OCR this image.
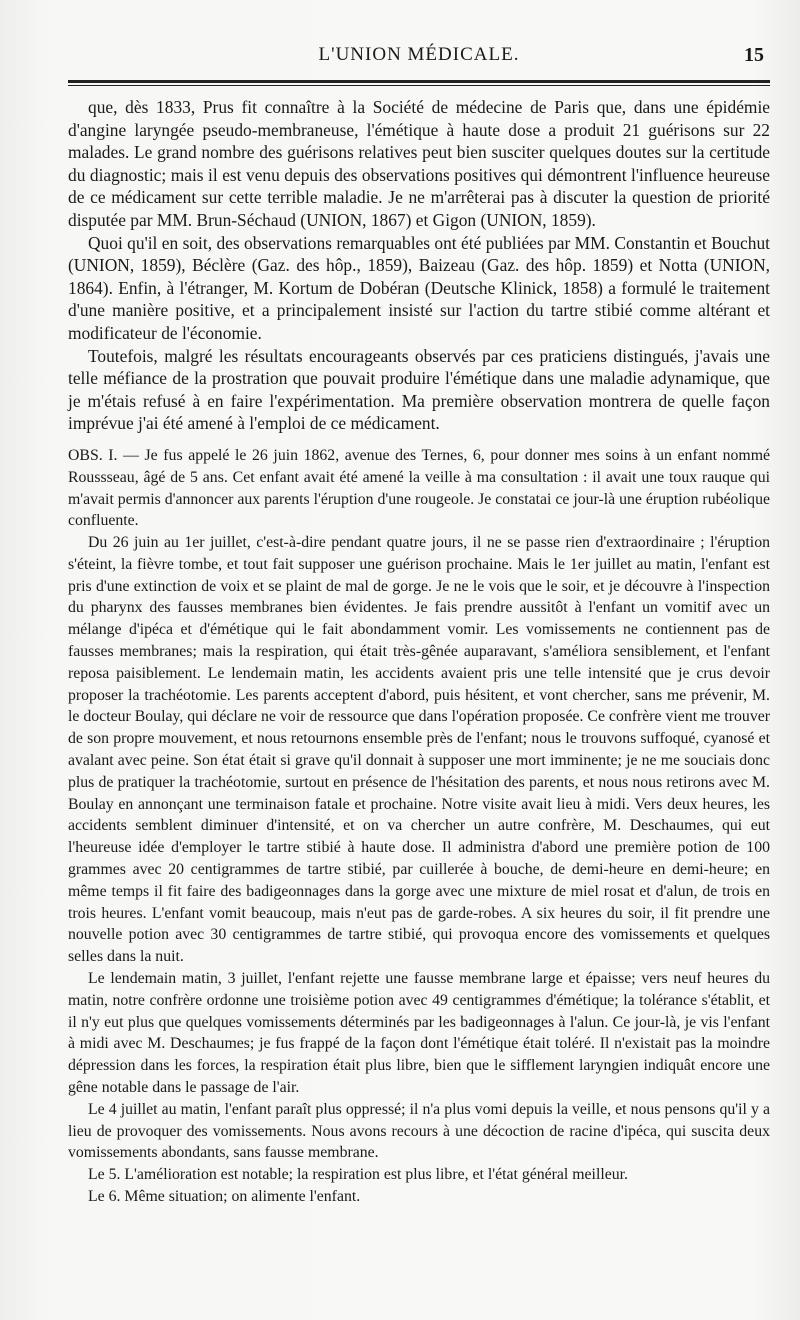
L'UNION MÉDICALE.	15

que, dès 1833, Prus fit connaître à la Société de médecine de Paris que, dans une épidémie d'angine laryngée pseudo-membraneuse, l'émétique à haute dose a produit 21 guérisons sur 22 malades. Le grand nombre des guérisons relatives peut bien susciter quelques doutes sur la certitude du diagnostic; mais il est venu depuis des observations positives qui démontrent l'influence heureuse de ce médicament sur cette terrible maladie. Je ne m'arrêterai pas à discuter la question de priorité disputée par MM. Brun-Séchaud (UNION, 1867) et Gigon (UNION, 1859).

Quoi qu'il en soit, des observations remarquables ont été publiées par MM. Constantin et Bouchut (UNION, 1859), Béclère (Gaz. des hôp., 1859), Baizeau (Gaz. des hôp. 1859) et Notta (UNION, 1864). Enfin, à l'étranger, M. Kortum de Dobéran (Deutsche Klinick, 1858) a formulé le traitement d'une manière positive, et a principalement insisté sur l'action du tartre stibié comme altérant et modificateur de l'économie.

Toutefois, malgré les résultats encourageants observés par ces praticiens distingués, j'avais une telle méfiance de la prostration que pouvait produire l'émétique dans une maladie adynamique, que je m'étais refusé à en faire l'expérimentation. Ma première observation montrera de quelle façon imprévue j'ai été amené à l'emploi de ce médicament.

OBS. I. — Je fus appelé le 26 juin 1862, avenue des Ternes, 6, pour donner mes soins à un enfant nommé Roussseau, âgé de 5 ans. Cet enfant avait été amené la veille à ma consultation : il avait une toux rauque qui m'avait permis d'annoncer aux parents l'éruption d'une rougeole. Je constatai ce jour-là une éruption rubéolique confluente.

Du 26 juin au 1er juillet, c'est-à-dire pendant quatre jours, il ne se passe rien d'extraordinaire ; l'éruption s'éteint, la fièvre tombe, et tout fait supposer une guérison prochaine. Mais le 1er juillet au matin, l'enfant est pris d'une extinction de voix et se plaint de mal de gorge. Je ne le vois que le soir, et je découvre à l'inspection du pharynx des fausses membranes bien évidentes. Je fais prendre aussitôt à l'enfant un vomitif avec un mélange d'ipéca et d'émétique qui le fait abondamment vomir. Les vomissements ne contiennent pas de fausses membranes; mais la respiration, qui était très-gênée auparavant, s'améliora sensiblement, et l'enfant reposa paisiblement. Le lendemain matin, les accidents avaient pris une telle intensité que je crus devoir proposer la trachéotomie. Les parents acceptent d'abord, puis hésitent, et vont chercher, sans me prévenir, M. le docteur Boulay, qui déclare ne voir de ressource que dans l'opération proposée. Ce confrère vient me trouver de son propre mouvement, et nous retournons ensemble près de l'enfant; nous le trouvons suffoqué, cyanosé et avalant avec peine. Son état était si grave qu'il donnait à supposer une mort imminente; je ne me souciais donc plus de pratiquer la trachéotomie, surtout en présence de l'hésitation des parents, et nous nous retirons avec M. Boulay en annonçant une terminaison fatale et prochaine. Notre visite avait lieu à midi. Vers deux heures, les accidents semblent diminuer d'intensité, et on va chercher un autre confrère, M. Deschaumes, qui eut l'heureuse idée d'employer le tartre stibié à haute dose. Il administra d'abord une première potion de 100 grammes avec 20 centigrammes de tartre stibié, par cuillerée à bouche, de demi-heure en demi-heure; en même temps il fit faire des badigeonnages dans la gorge avec une mixture de miel rosat et d'alun, de trois en trois heures. L'enfant vomit beaucoup, mais n'eut pas de garde-robes. A six heures du soir, il fit prendre une nouvelle potion avec 30 centigrammes de tartre stibié, qui provoqua encore des vomissements et quelques selles dans la nuit.

Le lendemain matin, 3 juillet, l'enfant rejette une fausse membrane large et épaisse; vers neuf heures du matin, notre confrère ordonne une troisième potion avec 49 centigrammes d'émétique; la tolérance s'établit, et il n'y eut plus que quelques vomissements déterminés par les badigeonnages à l'alun. Ce jour-là, je vis l'enfant à midi avec M. Deschaumes; je fus frappé de la façon dont l'émétique était toléré. Il n'existait pas la moindre dépression dans les forces, la respiration était plus libre, bien que le sifflement laryngien indiquât encore une gêne notable dans le passage de l'air.

Le 4 juillet au matin, l'enfant paraît plus oppressé; il n'a plus vomi depuis la veille, et nous pensons qu'il y a lieu de provoquer des vomissements. Nous avons recours à une décoction de racine d'ipéca, qui suscita deux vomissements abondants, sans fausse membrane.

Le 5. L'amélioration est notable; la respiration est plus libre, et l'état général meilleur.

Le 6. Même situation; on alimente l'enfant.
